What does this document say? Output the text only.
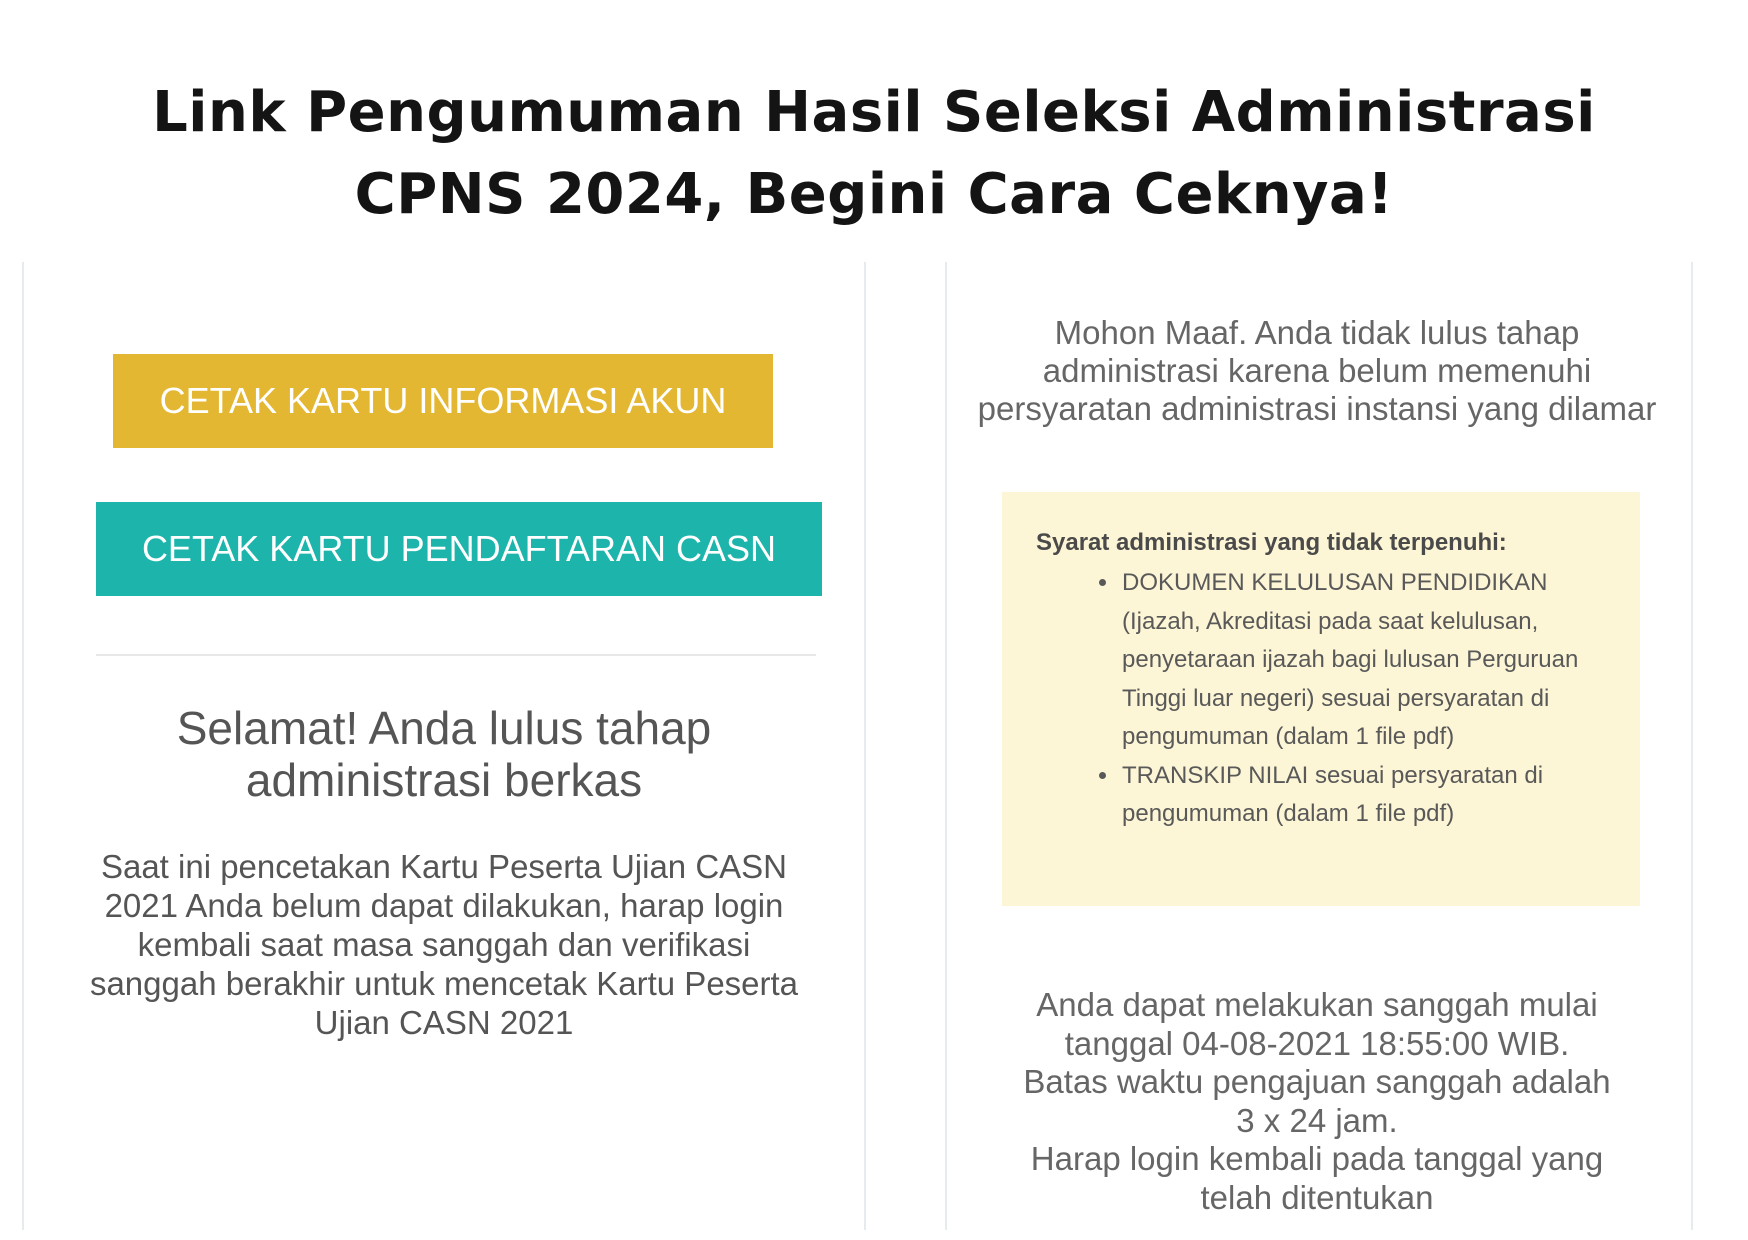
Link Pengumuman Hasil Seleksi Administrasi
CPNS 2024, Begini Cara Ceknya!
CETAK KARTU INFORMASI AKUN
CETAK KARTU PENDAFTARAN CASN
Selamat! Anda lulus tahap administrasi berkas
Saat ini pencetakan Kartu Peserta Ujian CASN 2021 Anda belum dapat dilakukan, harap login kembali saat masa sanggah dan verifikasi sanggah berakhir untuk mencetak Kartu Peserta Ujian CASN 2021
Mohon Maaf. Anda tidak lulus tahap administrasi karena belum memenuhi persyaratan administrasi instansi yang dilamar
Syarat administrasi yang tidak terpenuhi:
• DOKUMEN KELULUSAN PENDIDIKAN (Ijazah, Akreditasi pada saat kelulusan, penyetaraan ijazah bagi lulusan Perguruan Tinggi luar negeri) sesuai persyaratan di pengumuman (dalam 1 file pdf)
• TRANSKIP NILAI sesuai persyaratan di pengumuman (dalam 1 file pdf)
Anda dapat melakukan sanggah mulai
tanggal 04-08-2021 18:55:00 WIB.
Batas waktu pengajuan sanggah adalah
3 x 24 jam.
Harap login kembali pada tanggal yang
telah ditentukan
